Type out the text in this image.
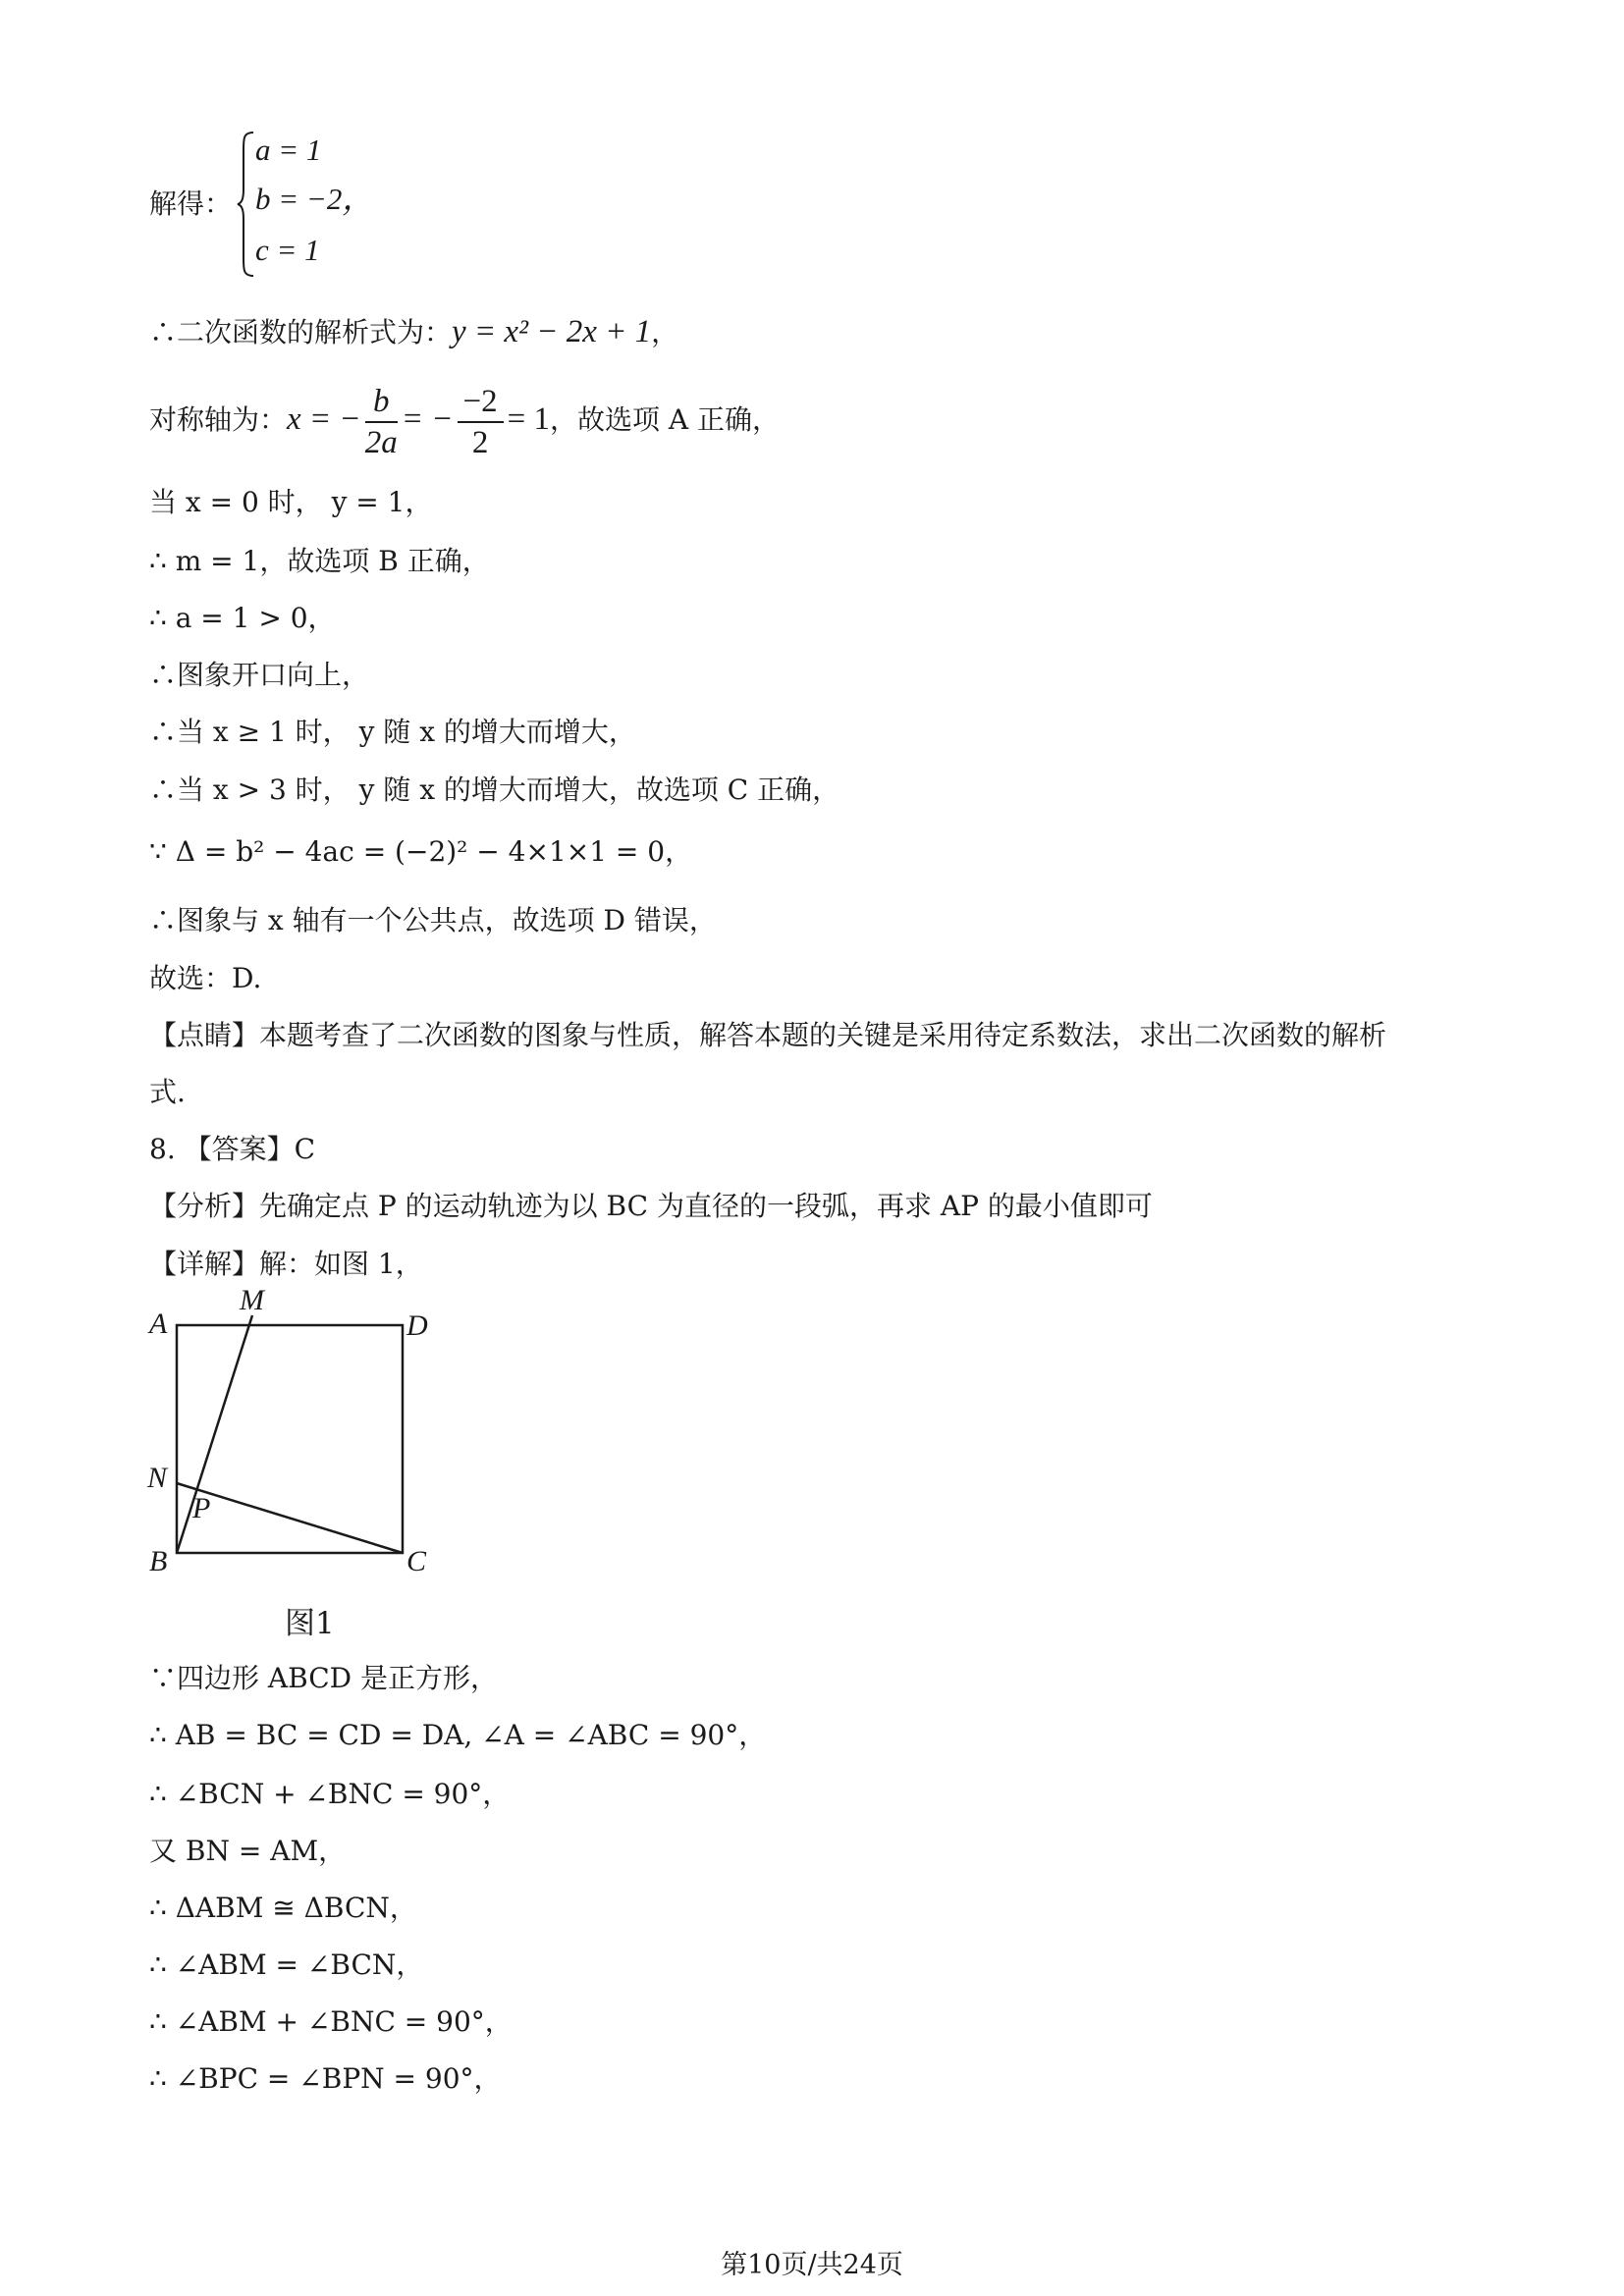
解得：
a = 1
b = −2，
c = 1
∴二次函数的解析式为：y = x² − 2x + 1，
对称轴为：x = − $\frac{b}{2a}$ = − $\frac{-2}{2} = 1$，故选项 A 正确，
当 x = 0 时， y = 1，
∴ m = 1，故选项 B 正确，
∴ a = 1 > 0，
∴图象开口向上，
∴当 x ≥ 1 时， y 随 x 的增大而增大，
∴当 x > 3 时， y 随 x 的增大而增大，故选项 C 正确，
∵ Δ = b² − 4ac = (−2)² − 4×1×1 = 0，
∴图象与 x 轴有一个公共点，故选项 D 错误，
故选：D.
【点睛】本题考查了二次函数的图象与性质，解答本题的关键是采用待定系数法，求出二次函数的解析
式.
8. 【答案】C
【分析】先确定点 P 的运动轨迹为以 BC 为直径的一段弧，再求 AP 的最小值即可
【详解】解：如图 1，
A
M
D
N
P
B	C
图1
∵四边形 ABCD 是正方形，
∴ AB = BC = CD = DA, ∠A = ∠ABC = 90°，
∴ ∠BCN + ∠BNC = 90°，
又 BN = AM，
∴ ΔABM ≅ ΔBCN，
∴ ∠ABM = ∠BCN，
∴ ∠ABM + ∠BNC = 90°，
∴ ∠BPC = ∠BPN = 90°，
第10页/共24页
